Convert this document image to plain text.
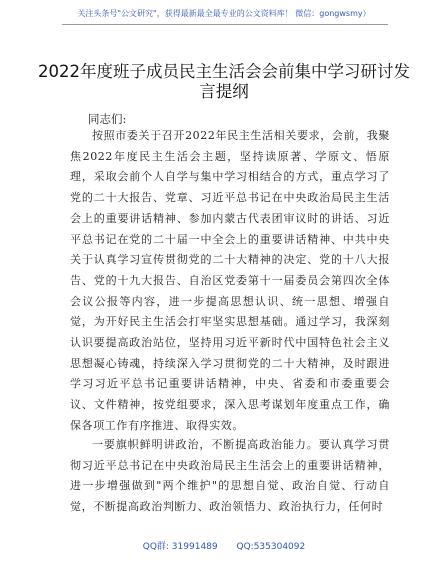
关注头条号"公文研究"，获得最新最全最专业的公文资料库！ 微信：gongwsmy）
2022年度班子成员民主生活会会前集中学习研讨发言提纲
同志们:

按照市委关于召开2022年民主生活相关要求，会前，我聚焦2022年度民主生活会主题，坚持读原著、学原文、悟原理，采取会前个人自学与集中学习相结合的方式，重点学习了党的二十大报告、党章、习近平总书记在中央政治局民主生活会上的重要讲话精神、参加内蒙古代表团审议时的讲话、习近平总书记在党的二十届一中全会上的重要讲话精神、中共中央关于认真学习宣传贯彻党的二十大精神的决定、党的十八大报告、党的十九大报告、自治区党委第十一届委员会第四次全体会议公报等内容，进一步提高思想认识、统一思想、增强自觉，为开好民主生活会打牢坚实思想基础。通过学习，我深刻认识要提高政治站位，坚持用习近平新时代中国特色社会主义思想凝心铸魂，持续深入学习贯彻党的二十大精神，及时跟进学习习近平总书记重要讲话精神，中央、省委和市委重要会议、文件精神，按党组要求，深入思考谋划年度重点工作，确保各项工作有序推进、取得实效。

一要旗帜鲜明讲政治，不断提高政治能力。要认真学习贯彻习近平总书记在中央政治局民主生活会上的重要讲话精神，进一步增强做到"两个维护"的思想自觉、政治自觉、行动自觉，不断提高政治判断力、政治领悟力、政治执行力，任何时

QQ群: 31991489 QQ:535304092
